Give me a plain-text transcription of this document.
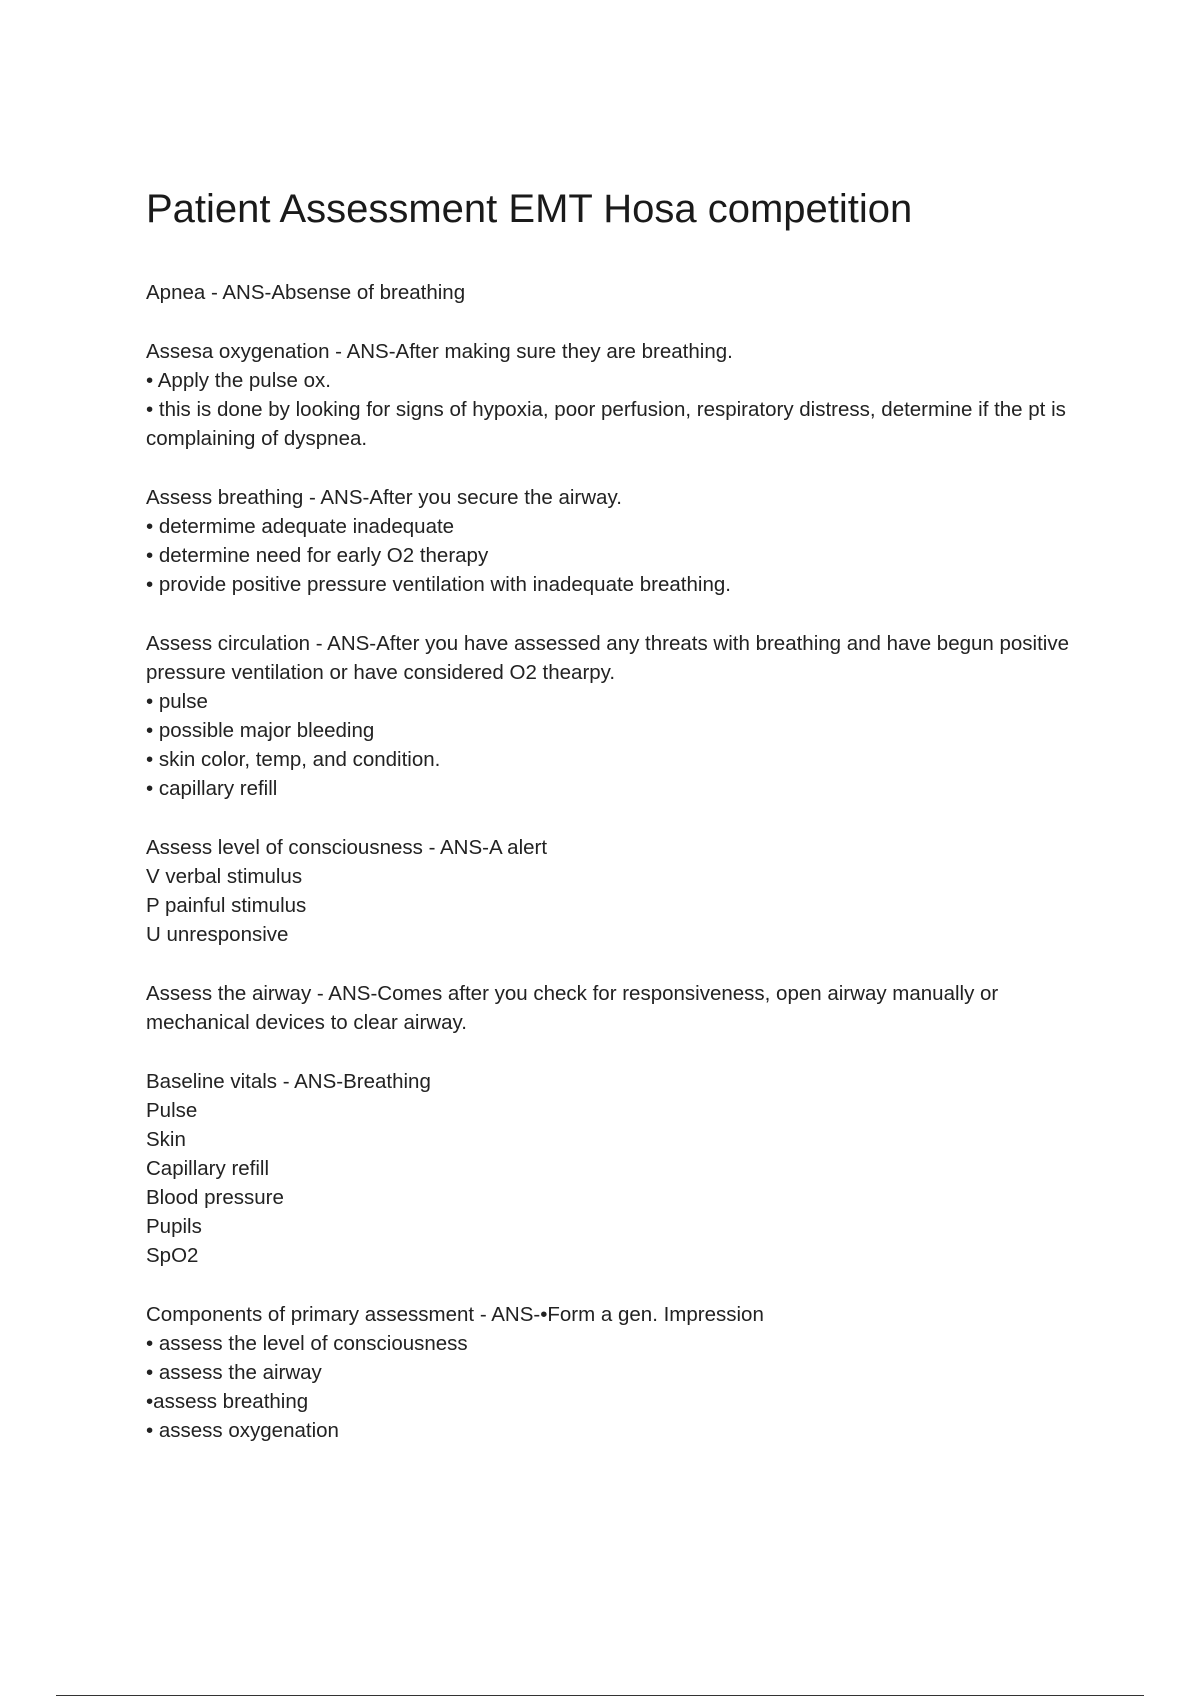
Patient Assessment EMT Hosa competition

Apnea - ANS-Absense of breathing

Assesa oxygenation - ANS-After making sure they are breathing.

• Apply the pulse ox.

• this is done by looking for signs of hypoxia, poor perfusion, respiratory distress, determine if the pt is complaining of dyspnea.

Assess breathing - ANS-After you secure the airway.

• determime adequate inadequate

• determine need for early O2 therapy

• provide positive pressure ventilation with inadequate breathing.

Assess circulation - ANS-After you have assessed any threats with breathing and have begun positive pressure ventilation or have considered O2 thearpy.

• pulse

• possible major bleeding

• skin color, temp, and condition.

• capillary refill

Assess level of consciousness - ANS-A alert

V verbal stimulus

P painful stimulus

U unresponsive

Assess the airway - ANS-Comes after you check for responsiveness, open airway manually or mechanical devices to clear airway.

Baseline vitals - ANS-Breathing

Pulse

Skin

Capillary refill

Blood pressure

Pupils

SpO2

Components of primary assessment - ANS-•Form a gen. Impression

• assess the level of consciousness

• assess the airway

•assess breathing

• assess oxygenation
